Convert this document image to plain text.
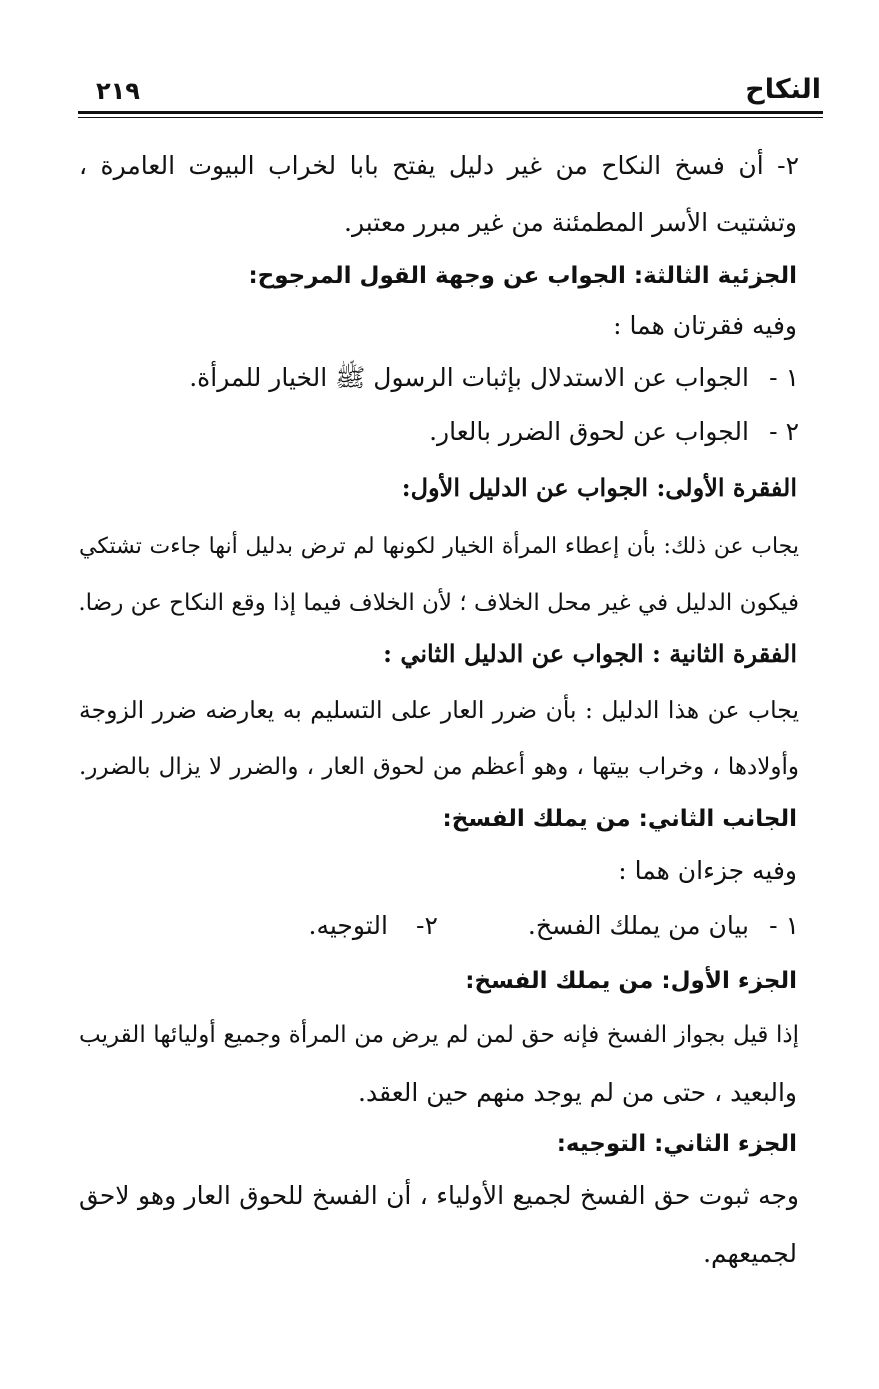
النكاح
٢١٩
٢- أن فسخ النكاح من غير دليل يفتح بابا لخراب البيوت العامرة ،
وتشتيت الأسر المطمئنة من غير مبرر معتبر.
الجزئية الثالثة: الجواب عن وجهة القول المرجوح:
وفيه فقرتان هما :
١ -الجواب عن الاستدلال بإثبات الرسول ﷺ الخيار للمرأة.
٢ -الجواب عن لحوق الضرر بالعار.
الفقرة الأولى: الجواب عن الدليل الأول:
يجاب عن ذلك: بأن إعطاء المرأة الخيار لكونها لم ترض بدليل أنها جاءت تشتكي
فيكون الدليل في غير محل الخلاف ؛ لأن الخلاف فيما إذا وقع النكاح عن رضا.
الفقرة الثانية : الجواب عن الدليل الثاني :
يجاب عن هذا الدليل : بأن ضرر العار على التسليم به يعارضه ضرر الزوجة
وأولادها ، وخراب بيتها ، وهو أعظم من لحوق العار ، والضرر لا يزال بالضرر.
الجانب الثاني: من يملك الفسخ:
وفيه جزءان هما :
١ -بيان من يملك الفسخ.٢-التوجيه.
الجزء الأول: من يملك الفسخ:
إذا قيل بجواز الفسخ فإنه حق لمن لم يرض من المرأة وجميع أوليائها القريب
والبعيد ، حتى من لم يوجد منهم حين العقد.
الجزء الثاني: التوجيه:
وجه ثبوت حق الفسخ لجميع الأولياء ، أن الفسخ للحوق العار وهو لاحق
لجميعهم.
